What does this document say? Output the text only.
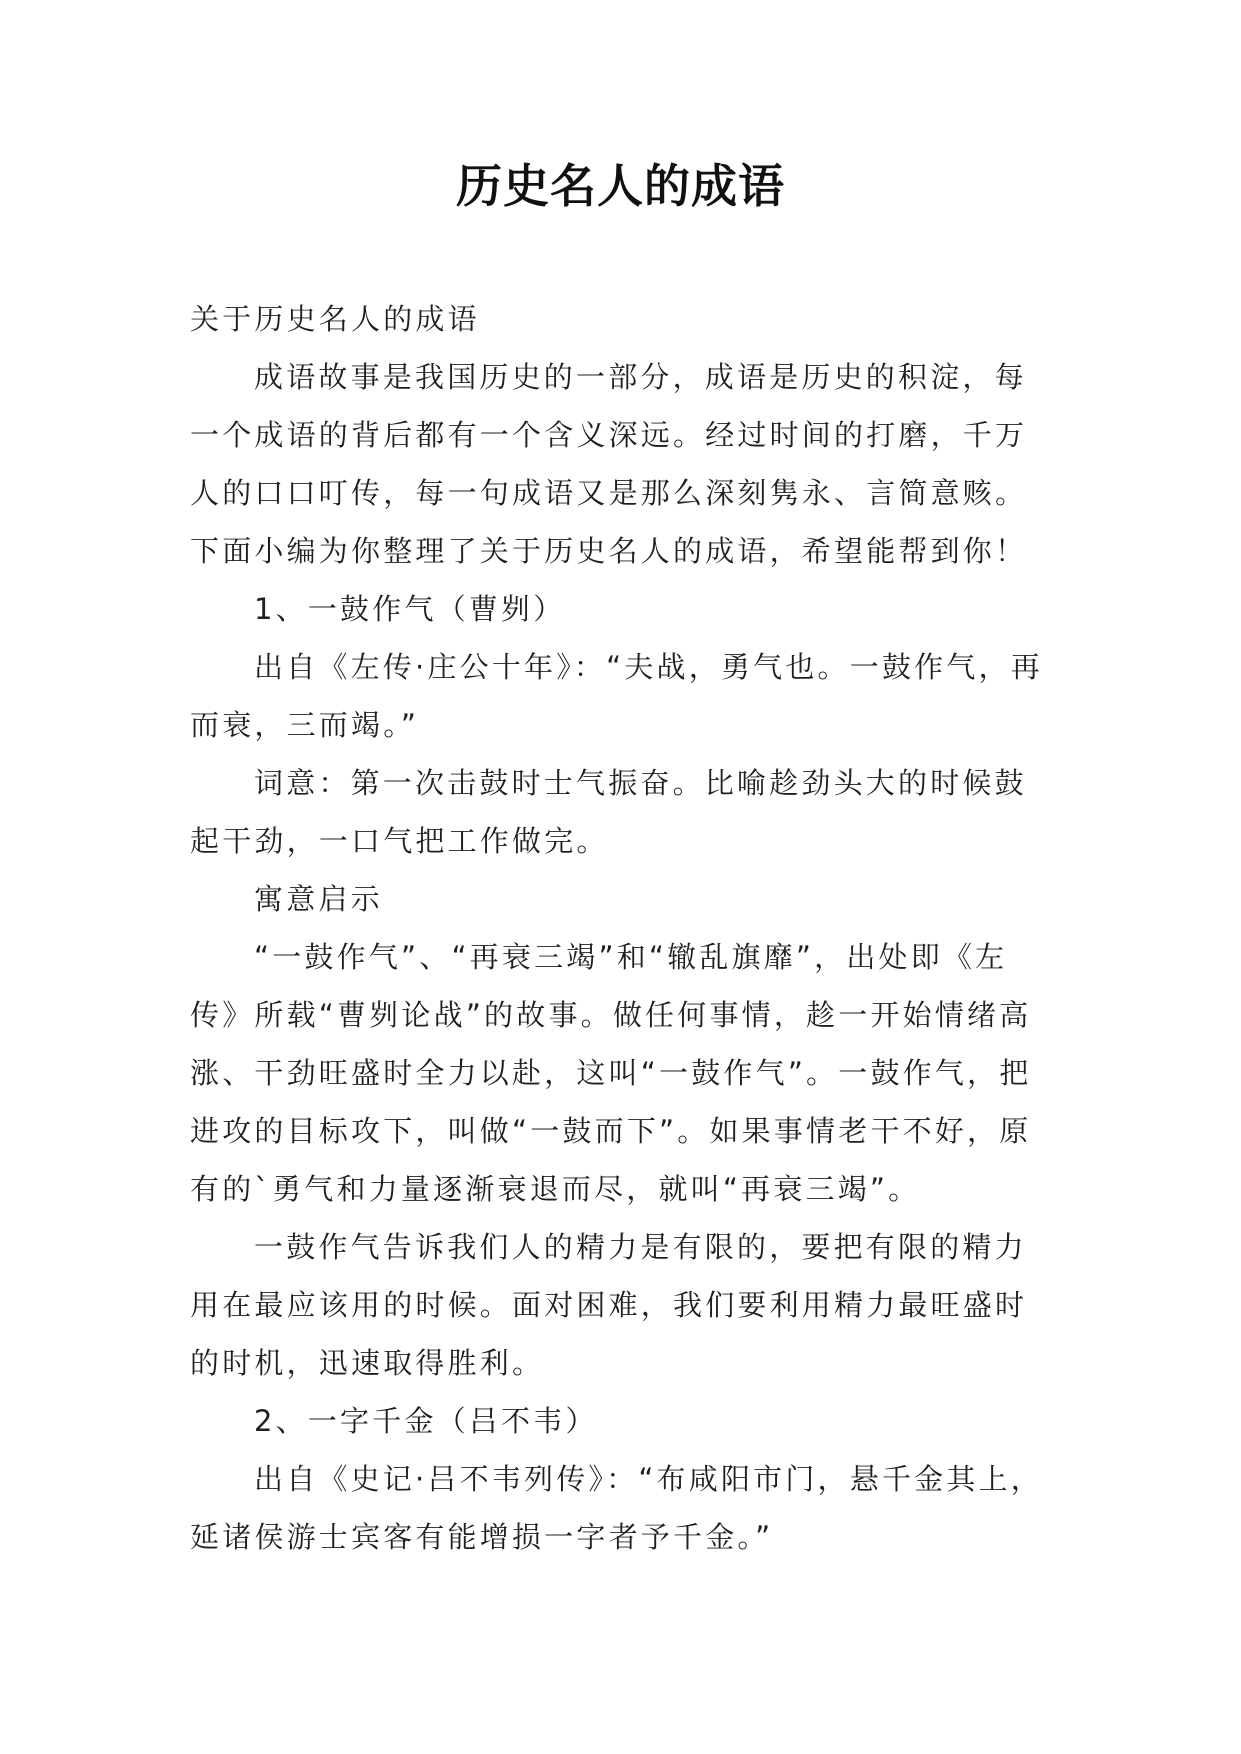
历史名人的成语

关于历史名人的成语

成语故事是我国历史的一部分，成语是历史的积淀，每一个成语的背后都有一个含义深远。经过时间的打磨，千万人的口口叮传，每一句成语又是那么深刻隽永、言简意赅。下面小编为你整理了关于历史名人的成语，希望能帮到你！

1、一鼓作气（曹刿）

出自《左传·庄公十年》：“夫战，勇气也。一鼓作气，再而衰，三而竭。”

词意：第一次击鼓时士气振奋。比喻趁劲头大的时候鼓起干劲，一口气把工作做完。

寓意启示

“一鼓作气”、“再衰三竭”和“辙乱旗靡”，出处即《左传》所载“曹刿论战”的故事。做任何事情，趁一开始情绪高涨、干劲旺盛时全力以赴，这叫“一鼓作气”。一鼓作气，把进攻的目标攻下，叫做“一鼓而下”。如果事情老干不好，原有的`勇气和力量逐渐衰退而尽，就叫“再衰三竭”。

一鼓作气告诉我们人的精力是有限的，要把有限的精力用在最应该用的时候。面对困难，我们要利用精力最旺盛时的时机，迅速取得胜利。

2、一字千金（吕不韦）

出自《史记·吕不韦列传》：“布咸阳市门，悬千金其上，延诸侯游士宾客有能增损一字者予千金。”
